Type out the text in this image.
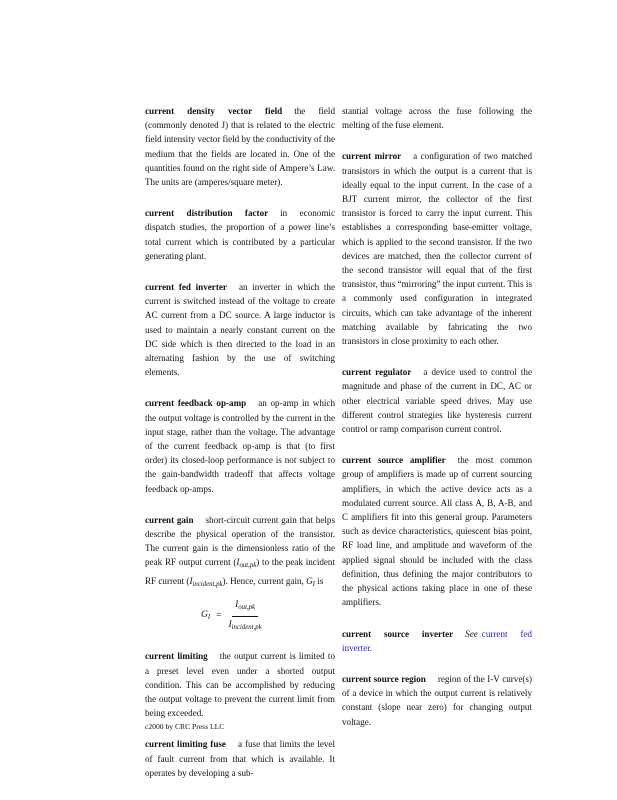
current density vector field the field (commonly denoted J) that is related to the electric field intensity vector field by the conductivity of the medium that the fields are located in. One of the quantities found on the right side of Ampere’s Law. The units are (amperes/square meter).
current distribution factor in economic dispatch studies, the proportion of a power line’s total current which is contributed by a particular generating plant.
current fed inverter an inverter in which the current is switched instead of the voltage to create AC current from a DC source. A large inductor is used to maintain a nearly constant current on the DC side which is then directed to the load in an alternating fashion by the use of switching elements.
current feedback op-amp an op-amp in which the output voltage is controlled by the current in the input stage, rather than the voltage. The advantage of the current feedback op-amp is that (to first order) its closed-loop performance is not subject to the gain-bandwidth tradeoff that affects voltage feedback op-amps.
current gain short-circuit current gain that helps describe the physical operation of the transistor. The current gain is the dimensionless ratio of the peak RF output current $(I_{out,pk})$ to the peak incident RF current $(I_{incident,pk})$. Hence, current gain, $G_I$ is
$G_I = \frac{I_{out,pk}}{I_{incident,pk}}$
current limiting the output current is limited to a preset level even under a shorted output condition. This can be accomplished by reducing the output voltage to prevent the current limit from being exceeded.
current limiting fuse a fuse that limits the level of fault current from that which is available. It operates by developing a sub-
stantial voltage across the fuse following the melting of the fuse element.
current mirror a configuration of two matched transistors in which the output is a current that is ideally equal to the input current. In the case of a BJT current mirror, the collector of the first transistor is forced to carry the input current. This establishes a corresponding base-emitter voltage, which is applied to the second transistor. If the two devices are matched, then the collector current of the second transistor will equal that of the first transistor, thus “mirroring” the input current. This is a commonly used configuration in integrated circuits, which can take advantage of the inherent matching available by fabricating the two transistors in close proximity to each other.
current regulator a device used to control the magnitude and phase of the current in DC, AC or other electrical variable speed drives. May use different control strategies like hysteresis current control or ramp comparison current control.
current source amplifier the most common group of amplifiers is made up of current sourcing amplifiers, in which the active device acts as a modulated current source. All class A, B, A-B, and C amplifiers fit into this general group. Parameters such as device characteristics, quiescent bias point, RF load line, and amplitude and waveform of the applied signal should be included with the class definition, thus defining the major contributors to the physical actions taking place in one of these amplifiers.
current source inverter See current fed inverter.
current source region region of the I-V curve(s) of a device in which the output current is relatively constant (slope near zero) for changing output voltage.
c2000 by CRC Press LLC
